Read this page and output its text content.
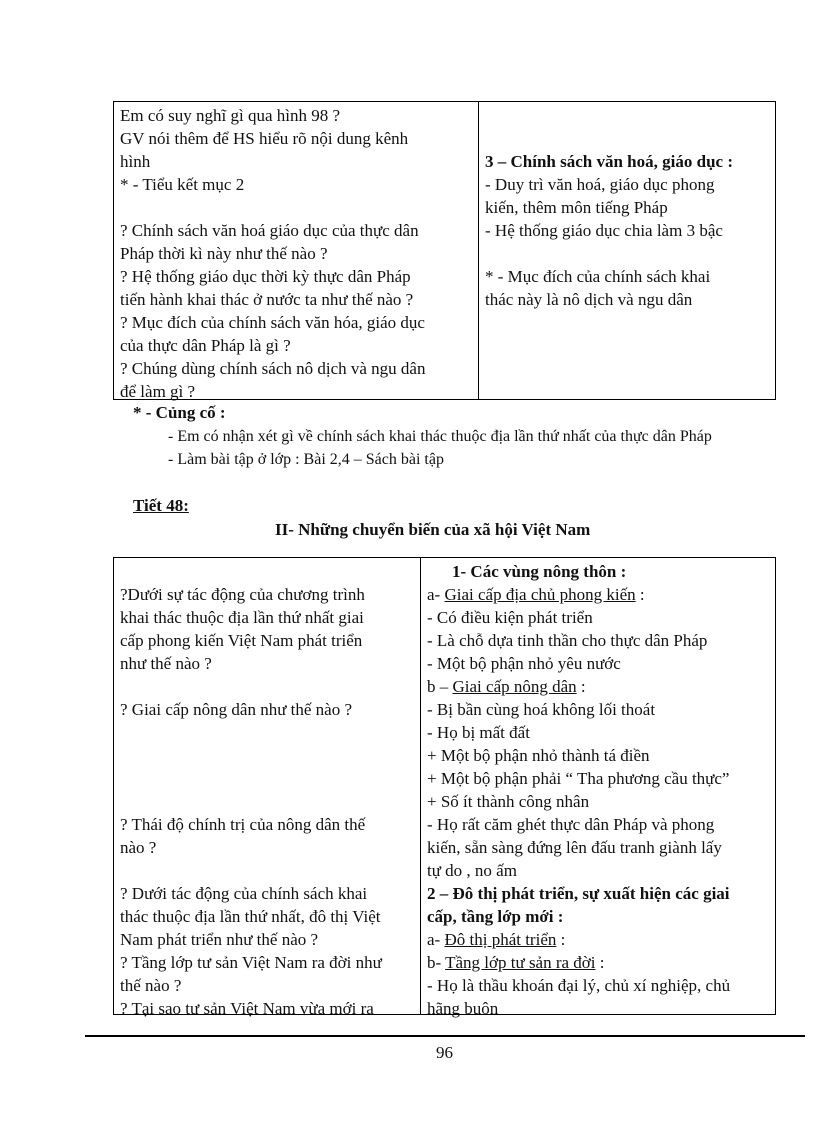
Em có suy nghĩ gì qua hình 98 ?
GV nói thêm để HS hiểu rõ nội dung kênh
hình
* - Tiểu kết mục 2
? Chính sách văn hoá giáo dục của thực dân
Pháp thời kì này như thế nào ?
? Hệ thống giáo dục thời kỳ thực dân Pháp
tiến hành khai thác ở nước ta như thế nào ?
? Mục đích của chính sách văn hóa, giáo dục
của thực dân Pháp là gì ?
? Chúng dùng chính sách nô dịch và ngu dân
để làm gì ?
3 – Chính sách văn hoá, giáo dục :
- Duy trì văn hoá, giáo dục phong
kiến, thêm môn tiếng Pháp
- Hệ thống giáo dục chia làm 3 bậc
* - Mục đích của chính sách khai
thác này là nô dịch và ngu dân
* - Củng cố :
- Em có nhận xét gì về chính sách khai thác thuộc địa lần thứ nhất của thực dân Pháp
- Làm bài tập ở lớp : Bài 2,4 – Sách bài tập
Tiết 48:
II- Những chuyển biến của xã hội Việt Nam
?Dưới sự tác động của chương trình
khai thác thuộc địa lần thứ nhất giai
cấp phong kiến Việt Nam phát triển
như thế nào ?
? Giai cấp nông dân như thế nào ?
? Thái độ chính trị của nông dân thế
nào ?
? Dưới tác động của chính sách khai
thác thuộc địa lần thứ nhất, đô thị Việt
Nam phát triển như thế nào ?
? Tầng lớp tư sản Việt Nam ra đời như
thế nào ?
? Tại sao tư sản Việt Nam vừa mới ra
1- Các vùng nông thôn :
a- Giai cấp địa chủ phong kiến :
- Có điều kiện phát triển
- Là chỗ dựa tinh thần cho thực dân Pháp
- Một bộ phận nhỏ yêu nước
b – Giai cấp nông dân :
- Bị bần cùng hoá không lối thoát
- Họ bị mất đất
+ Một bộ phận nhỏ thành tá điền
+ Một bộ phận phải “ Tha phương cầu thực”
+ Số ít thành công nhân
- Họ rất căm ghét thực dân Pháp và phong
kiến, sẵn sàng đứng lên đấu tranh giành lấy
tự do , no ấm
2 – Đô thị phát triển, sự xuất hiện các giai
cấp, tầng lớp mới :
a- Đô thị phát triển :
b- Tầng lớp tư sản ra đời :
- Họ là thầu khoán đại lý, chủ xí nghiệp, chủ
hãng buôn
96
